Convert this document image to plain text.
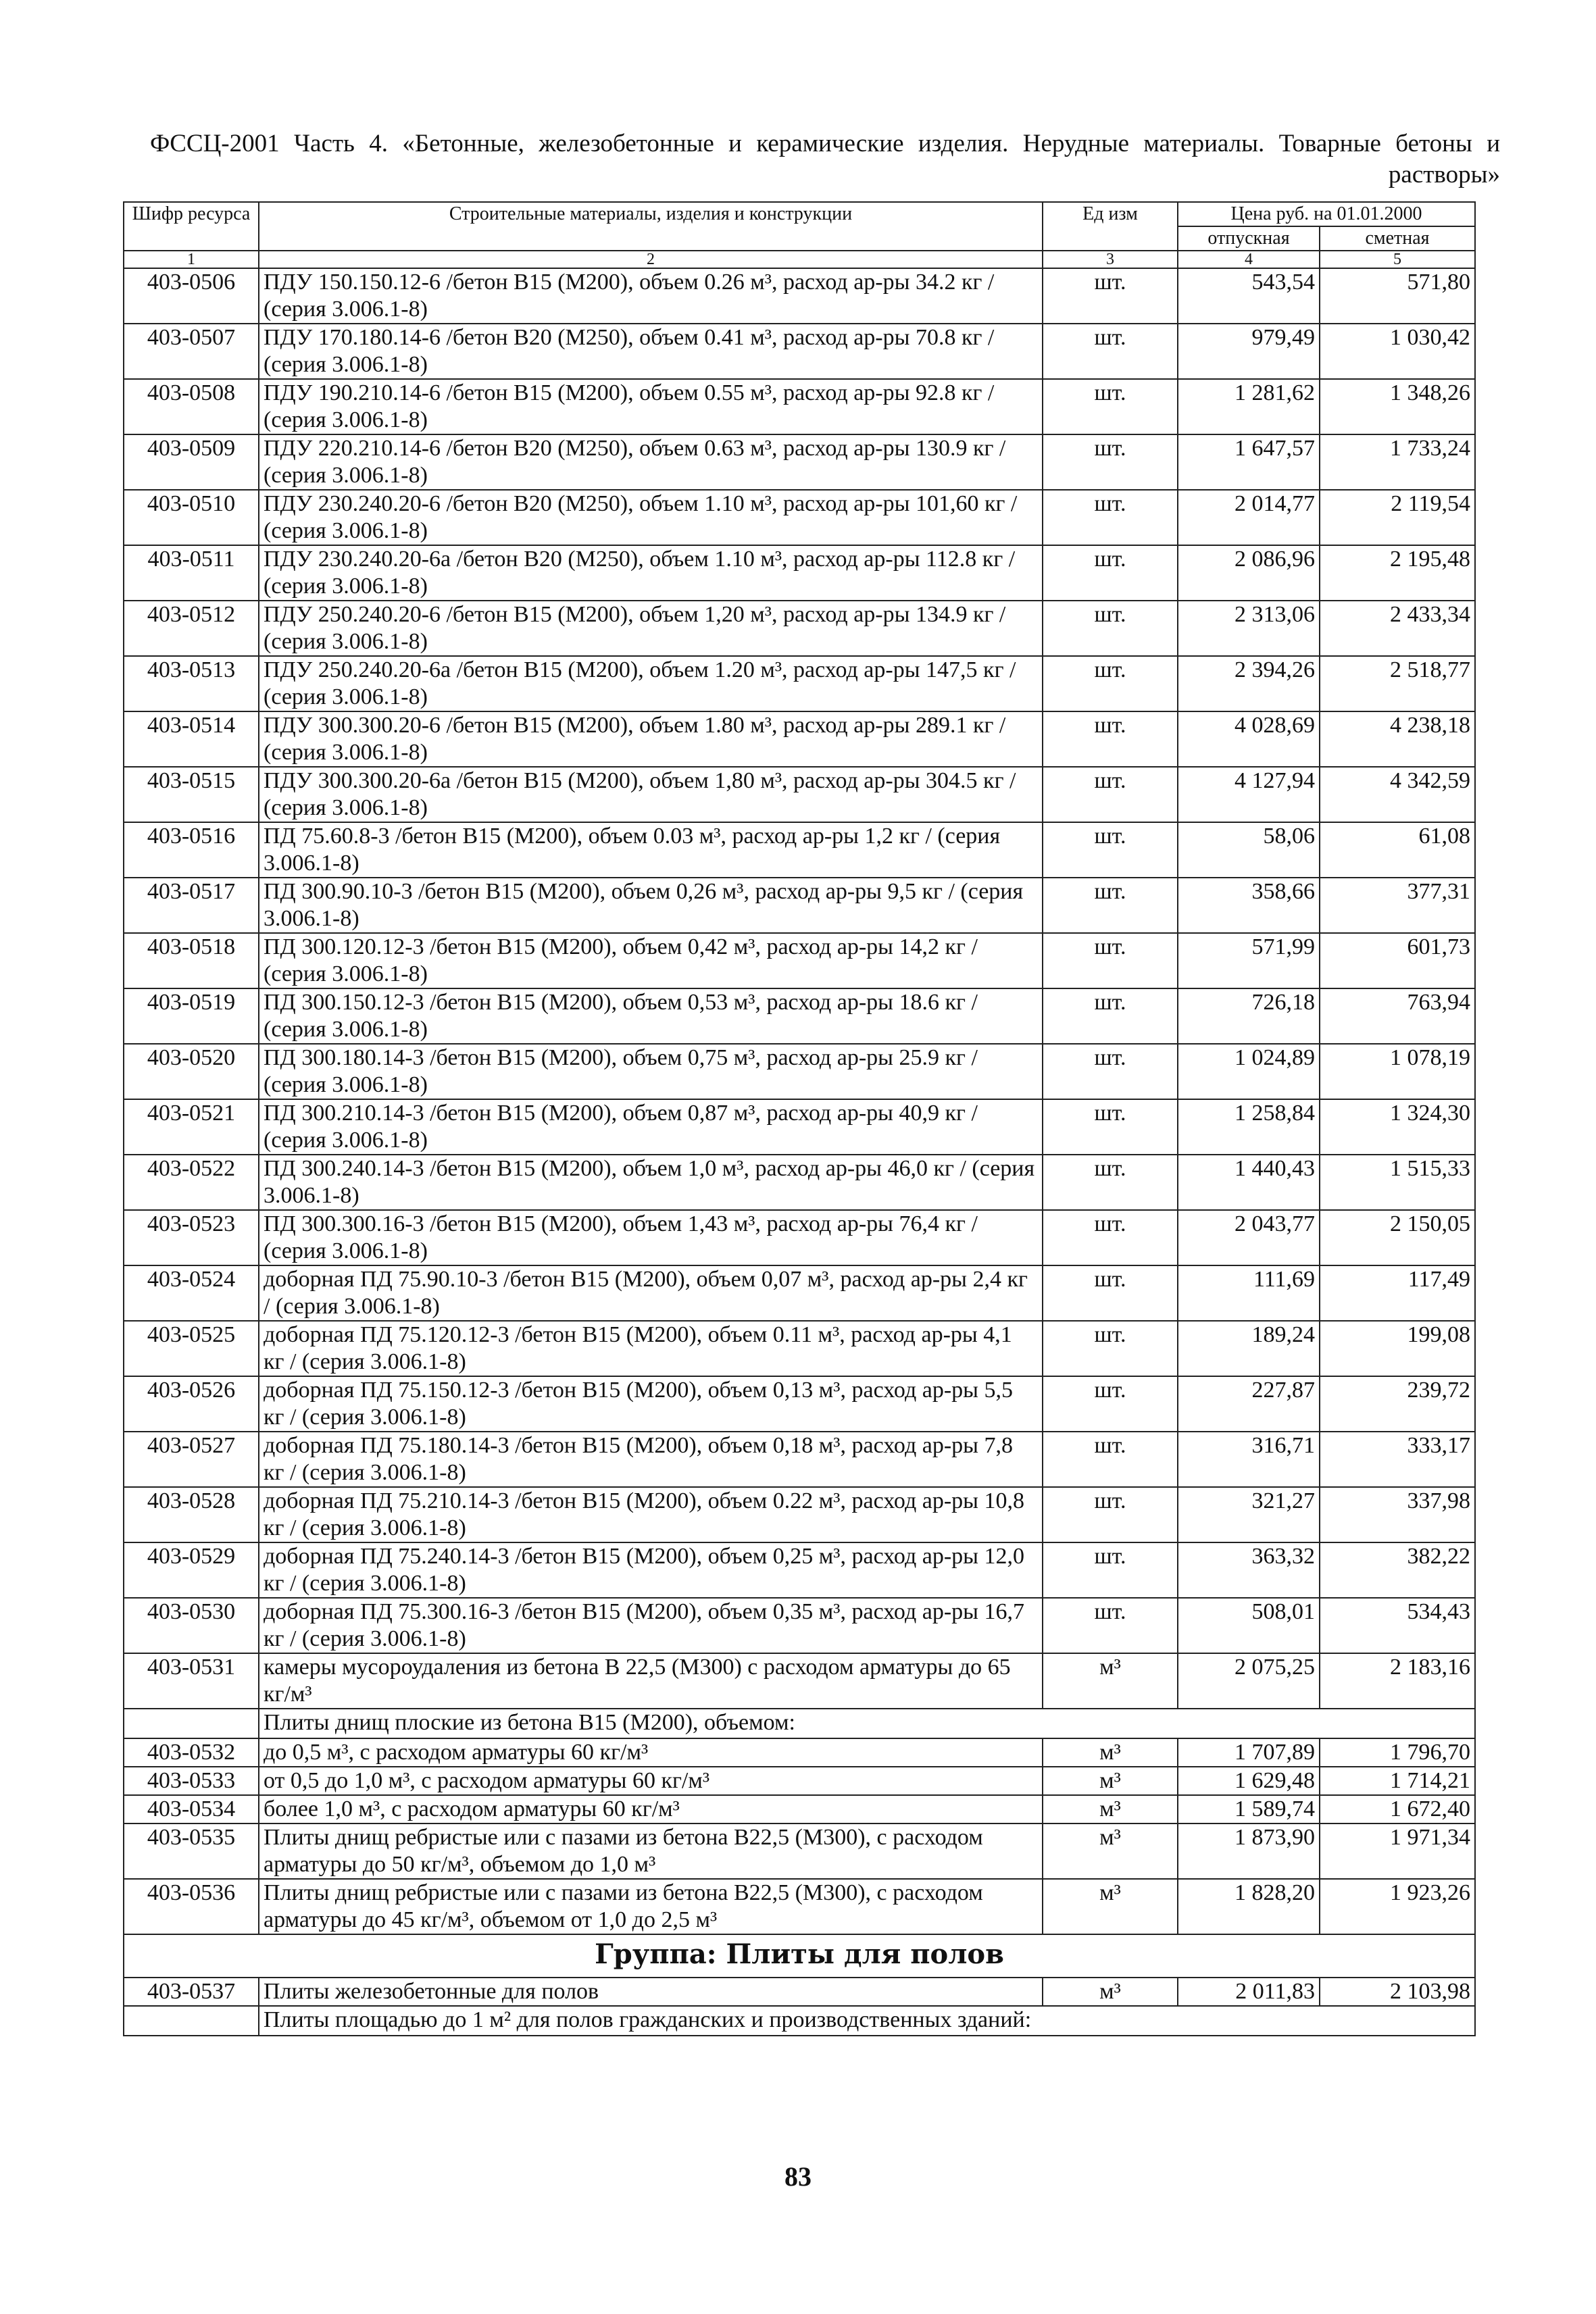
ФССЦ-2001 Часть 4. «Бетонные, железобетонные и керамические изделия. Нерудные материалы. Товарные бетоны и растворы»
Шифр ресурса	Строительные материалы, изделия и конструкции	Ед изм	Цена руб. на 01.01.2000	
			отпускная	сметная
1	2	3	4	5
403-0506	ПДУ 150.150.12-6 /бетон В15 (М200), объем 0.26 м³, расход ар-ры 34.2 кг / (серия 3.006.1-8)	шт.	543,54	571,80
403-0507	ПДУ 170.180.14-6 /бетон В20 (М250), объем 0.41 м³, расход ар-ры 70.8 кг / (серия 3.006.1-8)	шт.	979,49	1 030,42
403-0508	ПДУ 190.210.14-6 /бетон В15 (М200), объем 0.55 м³, расход ар-ры 92.8 кг / (серия 3.006.1-8)	шт.	1 281,62	1 348,26
403-0509	ПДУ 220.210.14-6 /бетон В20 (М250), объем 0.63 м³, расход ар-ры 130.9 кг / (серия 3.006.1-8)	шт.	1 647,57	1 733,24
403-0510	ПДУ 230.240.20-6 /бетон В20 (М250), объем 1.10 м³, расход ар-ры 101,60 кг / (серия 3.006.1-8)	шт.	2 014,77	2 119,54
403-0511	ПДУ 230.240.20-6а /бетон В20 (М250), объем 1.10 м³, расход ар-ры 112.8 кг / (серия 3.006.1-8)	шт.	2 086,96	2 195,48
403-0512	ПДУ 250.240.20-6 /бетон В15 (М200), объем 1,20 м³, расход ар-ры 134.9 кг / (серия 3.006.1-8)	шт.	2 313,06	2 433,34
403-0513	ПДУ 250.240.20-6а /бетон В15 (М200), объем 1.20 м³, расход ар-ры 147,5 кг / (серия 3.006.1-8)	шт.	2 394,26	2 518,77
403-0514	ПДУ 300.300.20-6 /бетон В15 (М200), объем 1.80 м³, расход ар-ры 289.1 кг / (серия 3.006.1-8)	шт.	4 028,69	4 238,18
403-0515	ПДУ 300.300.20-6а /бетон В15 (М200), объем 1,80 м³, расход ар-ры 304.5 кг / (серия 3.006.1-8)	шт.	4 127,94	4 342,59
403-0516	ПД 75.60.8-3 /бетон В15 (М200), объем 0.03 м³, расход ар-ры 1,2 кг / (серия 3.006.1-8)	шт.	58,06	61,08
403-0517	ПД 300.90.10-3 /бетон В15 (М200), объем 0,26 м³, расход ар-ры 9,5 кг / (серия 3.006.1-8)	шт.	358,66	377,31
403-0518	ПД 300.120.12-3 /бетон В15 (М200), объем 0,42 м³, расход ар-ры 14,2 кг / (серия 3.006.1-8)	шт.	571,99	601,73
403-0519	ПД 300.150.12-3 /бетон В15 (М200), объем 0,53 м³, расход ар-ры 18.6 кг / (серия 3.006.1-8)	шт.	726,18	763,94
403-0520	ПД 300.180.14-3 /бетон В15 (М200), объем 0,75 м³, расход ар-ры 25.9 кг / (серия 3.006.1-8)	шт.	1 024,89	1 078,19
403-0521	ПД 300.210.14-3 /бетон В15 (М200), объем 0,87 м³, расход ар-ры 40,9 кг / (серия 3.006.1-8)	шт.	1 258,84	1 324,30
403-0522	ПД 300.240.14-3 /бетон В15 (М200), объем 1,0 м³, расход ар-ры 46,0 кг / (серия 3.006.1-8)	шт.	1 440,43	1 515,33
403-0523	ПД 300.300.16-3 /бетон В15 (М200), объем 1,43 м³, расход ар-ры 76,4 кг / (серия 3.006.1-8)	шт.	2 043,77	2 150,05
403-0524	доборная ПД 75.90.10-3 /бетон В15 (М200), объем 0,07 м³, расход ар-ры 2,4 кг / (серия 3.006.1-8)	шт.	111,69	117,49
403-0525	доборная ПД 75.120.12-3 /бетон В15 (М200), объем 0.11 м³, расход ар-ры 4,1 кг / (серия 3.006.1-8)	шт.	189,24	199,08
403-0526	доборная ПД 75.150.12-3 /бетон В15 (М200), объем 0,13 м³, расход ар-ры 5,5 кг / (серия 3.006.1-8)	шт.	227,87	239,72
403-0527	доборная ПД 75.180.14-3 /бетон В15 (М200), объем 0,18 м³, расход ар-ры 7,8 кг / (серия 3.006.1-8)	шт.	316,71	333,17
403-0528	доборная ПД 75.210.14-3 /бетон В15 (М200), объем 0.22 м³, расход ар-ры 10,8 кг / (серия 3.006.1-8)	шт.	321,27	337,98
403-0529	доборная ПД 75.240.14-3 /бетон В15 (М200), объем 0,25 м³, расход ар-ры 12,0 кг / (серия 3.006.1-8)	шт.	363,32	382,22
403-0530	доборная ПД 75.300.16-3 /бетон В15 (М200), объем 0,35 м³, расход ар-ры 16,7 кг / (серия 3.006.1-8)	шт.	508,01	534,43
403-0531	камеры мусороудаления из бетона В 22,5 (М300) с расходом арматуры до 65 кг/м³	м³	2 075,25	2 183,16
	Плиты днищ плоские из бетона В15 (М200), объемом:			
403-0532	до 0,5 м³, с расходом арматуры 60 кг/м³	м³	1 707,89	1 796,70
403-0533	от 0,5 до 1,0 м³, с расходом арматуры 60 кг/м³	м³	1 629,48	1 714,21
403-0534	более 1,0 м³, с расходом арматуры 60 кг/м³	м³	1 589,74	1 672,40
403-0535	Плиты днищ ребристые или с пазами из бетона В22,5 (М300), с расходом арматуры до 50 кг/м³, объемом до 1,0 м³	м³	1 873,90	1 971,34
403-0536	Плиты днищ ребристые или с пазами из бетона В22,5 (М300), с расходом арматуры до 45 кг/м³, объемом от 1,0 до 2,5 м³	м³	1 828,20	1 923,26
Группа: Плиты для полов				
403-0537	Плиты железобетонные для полов	м³	2 011,83	2 103,98
	Плиты площадью до 1 м² для полов гражданских и производственных зданий:			
83
